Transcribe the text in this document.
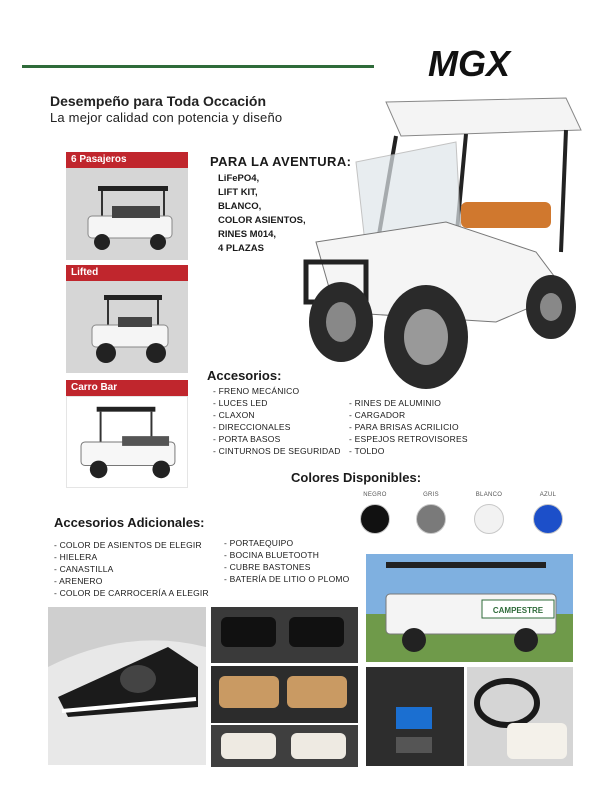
MGX
Desempeño para Toda Occación
La mejor calidad con potencia y diseño
6 Pasajeros
Lifted
Carro Bar
PARA LA AVENTURA:
LiFePO4,
LIFT KIT,
BLANCO,
COLOR ASIENTOS,
RINES M014,
4 PLAZAS
Accesorios:
- FRENO MECÁNICO
- LUCES LED
- CLAXON
- DIRECCIONALES
- PORTA BASOS
- CINTURNOS DE SEGURIDAD
- RINES DE ALUMINIO
- CARGADOR
- PARA BRISAS ACRILICIO
- ESPEJOS RETROVISORES
- TOLDO
Colores Disponibles:
NEGRO	GRIS	BLANCO	AZUL
Accesorios Adicionales:
- COLOR DE ASIENTOS DE ELEGIR
- HIELERA
- CANASTILLA
- ARENERO
- COLOR DE CARROCERÍA A ELEGIR
- PORTAEQUIPO
- BOCINA BLUETOOTH
- CUBRE BASTONES
- BATERÍA DE LITIO O PLOMO
CAMPESTRE
